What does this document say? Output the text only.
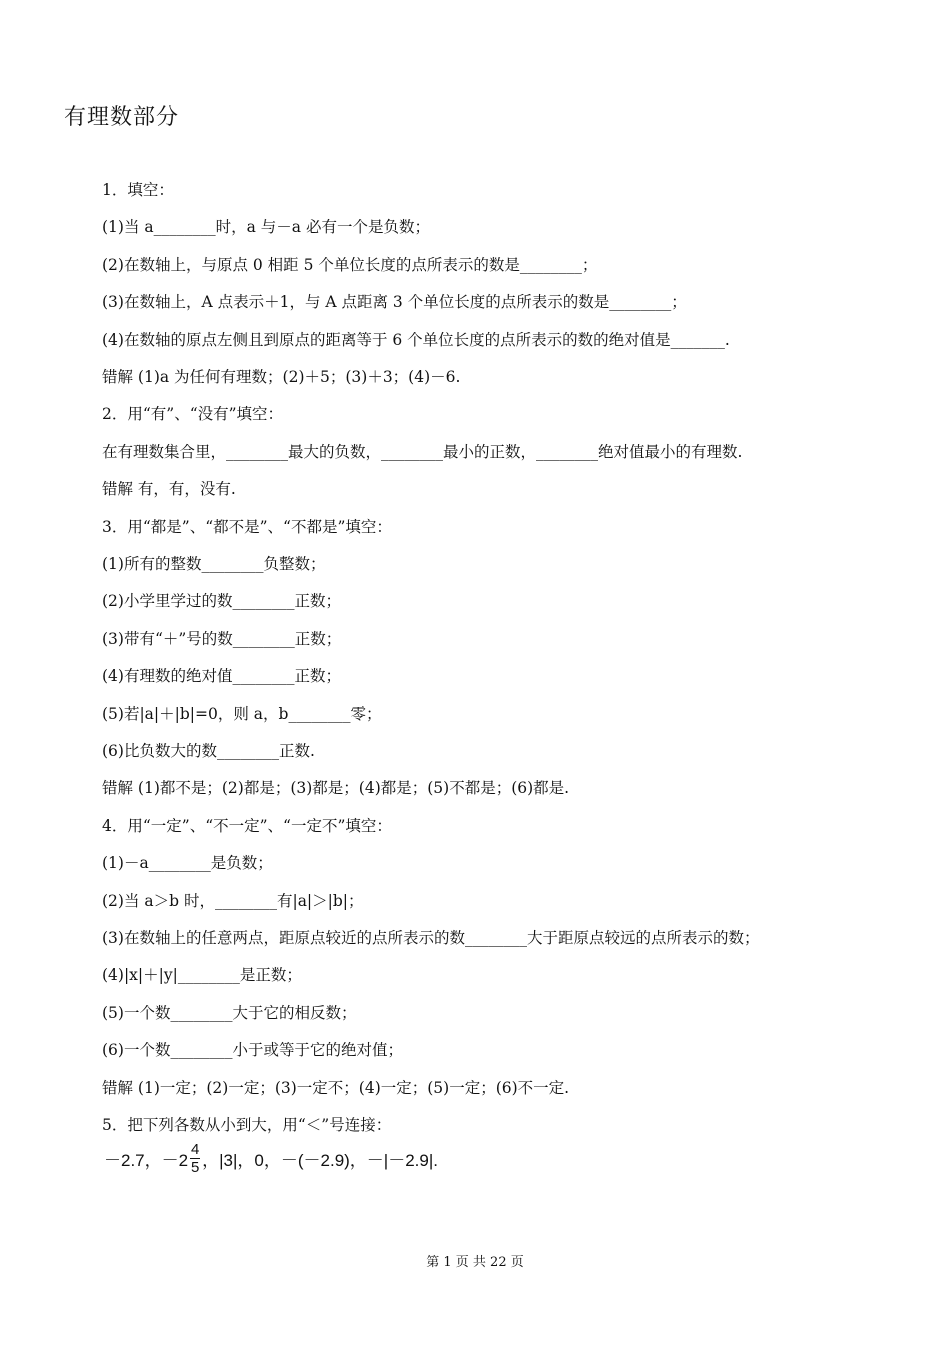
有理数部分
1．填空：
(1)当 a________时，a 与－a 必有一个是负数；
(2)在数轴上，与原点 0 相距 5 个单位长度的点所表示的数是________；
(3)在数轴上，A 点表示＋1，与 A 点距离 3 个单位长度的点所表示的数是________；
(4)在数轴的原点左侧且到原点的距离等于 6 个单位长度的点所表示的数的绝对值是_______.
错解 (1)a 为任何有理数；(2)＋5；(3)＋3；(4)－6.
2．用“有”、“没有”填空：
在有理数集合里，________最大的负数，________最小的正数，________绝对值最小的有理数.
错解 有，有，没有.
3．用“都是”、“都不是”、“不都是”填空：
(1)所有的整数________负整数；
(2)小学里学过的数________正数；
(3)带有“＋”号的数________正数；
(4)有理数的绝对值________正数；
(5)若|a|＋|b|=0，则 a，b________零；
(6)比负数大的数________正数.
错解 (1)都不是；(2)都是；(3)都是；(4)都是；(5)不都是；(6)都是.
4．用“一定”、“不一定”、“一定不”填空：
(1)－a________是负数；
(2)当 a＞b 时，________有|a|＞|b|；
(3)在数轴上的任意两点，距原点较近的点所表示的数________大于距原点较远的点所表示的数；
(4)|x|＋|y|________是正数；
(5)一个数________大于它的相反数；
(6)一个数________小于或等于它的绝对值；
错解 (1)一定；(2)一定；(3)一定不；(4)一定；(5)一定；(6)不一定.
5．把下列各数从小到大，用“＜”号连接：
－2.7， $-2 \frac{4}{5}$ ，|3|，0，－(－2.9)，－|－2.9|.
第 1 页 共 22 页
